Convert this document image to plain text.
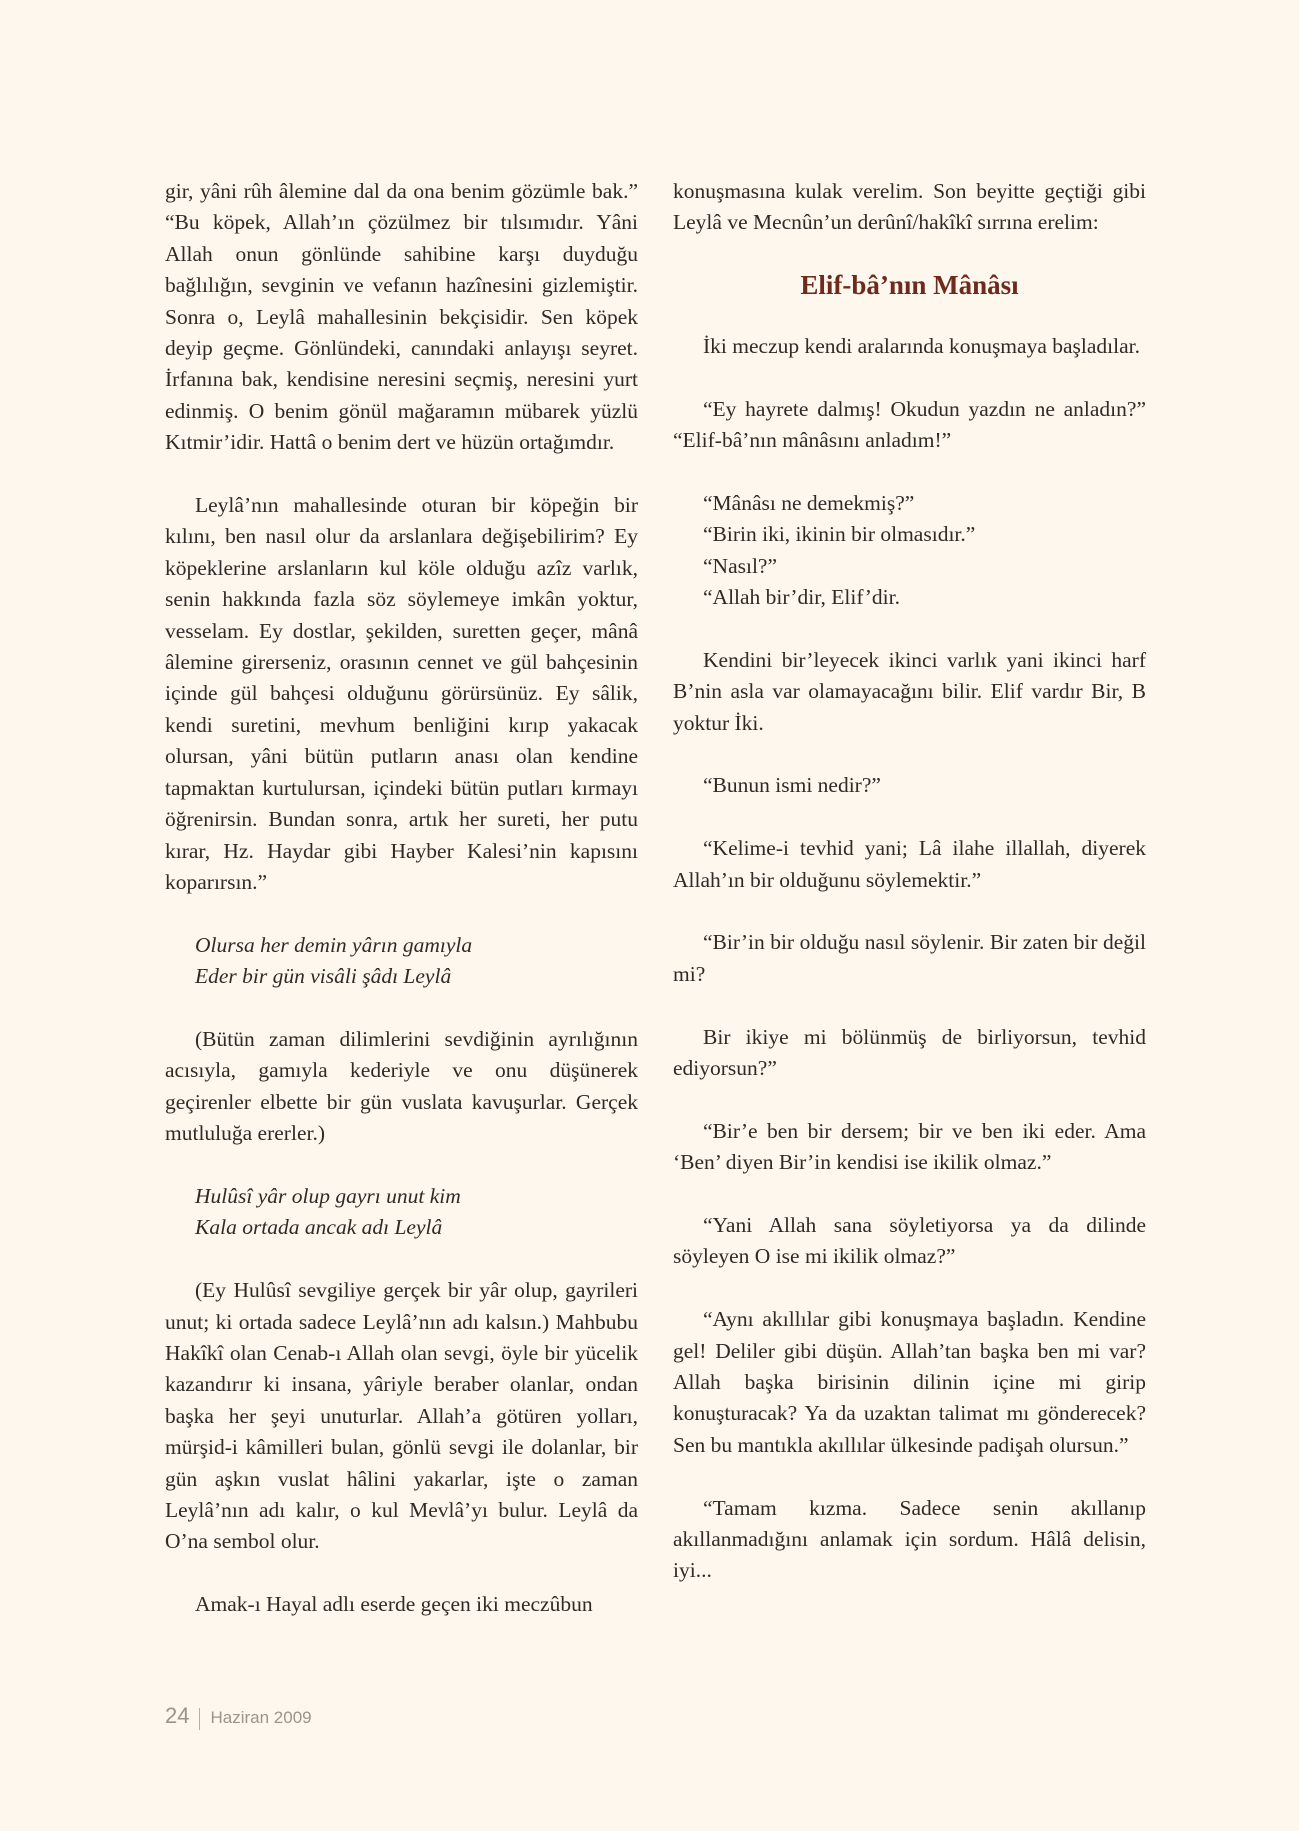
gir, yâni rûh âlemine dal da ona benim gözümle bak.” “Bu köpek, Allah’ın çözülmez bir tılsımıdır. Yâni Allah onun gönlünde sahibine karşı duyduğu bağlılığın, sevginin ve vefanın hazînesini gizlemiştir. Sonra o, Leylâ mahallesinin bekçisidir. Sen köpek deyip geçme. Gönlündeki, canındaki anlayışı seyret. İrfanına bak, kendisine neresini seçmiş, neresini yurt edinmiş. O benim gönül mağaramın mübarek yüzlü Kıtmir’idir. Hattâ o benim dert ve hüzün ortağımdır.

Leylâ’nın mahallesinde oturan bir köpeğin bir kılını, ben nasıl olur da arslanlara değişebilirim? Ey köpeklerine arslanların kul köle olduğu azîz varlık, senin hakkında fazla söz söylemeye imkân yoktur, vesselam. Ey dostlar, şekilden, suretten geçer, mânâ âlemine girerseniz, orasının cennet ve gül bahçesinin içinde gül bahçesi olduğunu görürsünüz. Ey sâlik, kendi suretini, mevhum benliğini kırıp yakacak olursan, yâni bütün putların anası olan kendine tapmaktan kurtulursan, içindeki bütün putları kırmayı öğrenirsin. Bundan sonra, artık her sureti, her putu kırar, Hz. Haydar gibi Hayber Kalesi’nin kapısını koparırsın.”

Olursa her demin yârın gamıyla

Eder bir gün visâli şâdı Leylâ

(Bütün zaman dilimlerini sevdiğinin ayrılığının acısıyla, gamıyla kederiyle ve onu düşünerek geçirenler elbette bir gün vuslata kavuşurlar. Gerçek mutluluğa ererler.)

Hulûsî yâr olup gayrı unut kim

Kala ortada ancak adı Leylâ

(Ey Hulûsî sevgiliye gerçek bir yâr olup, gayrileri unut; ki ortada sadece Leylâ’nın adı kalsın.) Mahbubu Hakîkî olan Cenab-ı Allah olan sevgi, öyle bir yücelik kazandırır ki insana, yâriyle beraber olanlar, ondan başka her şeyi unuturlar. Allah’a götüren yolları, mürşid-i kâmilleri bulan, gönlü sevgi ile dolanlar, bir gün aşkın vuslat hâlini yakarlar, işte o zaman Leylâ’nın adı kalır, o kul Mevlâ’yı bulur. Leylâ da O’na sembol olur.

Amak-ı Hayal adlı eserde geçen iki meczûbun

konuşmasına kulak verelim. Son beyitte geçtiği gibi Leylâ ve Mecnûn’un derûnî/hakîkî sırrına erelim:

Elif-bâ’nın Mânâsı

İki meczup kendi aralarında konuşmaya başladılar.

“Ey hayrete dalmış! Okudun yazdın ne anladın?” “Elif-bâ’nın mânâsını anladım!”

“Mânâsı ne demekmiş?”

“Birin iki, ikinin bir olmasıdır.”

“Nasıl?”

“Allah bir’dir, Elif’dir.

Kendini bir’leyecek ikinci varlık yani ikinci harf B’nin asla var olamayacağını bilir. Elif vardır Bir, B yoktur İki.

“Bunun ismi nedir?”

“Kelime-i tevhid yani; Lâ ilahe illallah, diyerek Allah’ın bir olduğunu söylemektir.”

“Bir’in bir olduğu nasıl söylenir. Bir zaten bir değil mi?

Bir ikiye mi bölünmüş de birliyorsun, tevhid ediyorsun?”

“Bir’e ben bir dersem; bir ve ben iki eder. Ama ‘Ben’ diyen Bir’in kendisi ise ikilik olmaz.”

“Yani Allah sana söyletiyorsa ya da dilinde söyleyen O ise mi ikilik olmaz?”

“Aynı akıllılar gibi konuşmaya başladın. Kendine gel! Deliler gibi düşün. Allah’tan başka ben mi var? Allah başka birisinin dilinin içine mi girip konuşturacak? Ya da uzaktan talimat mı gönderecek? Sen bu mantıkla akıllılar ülkesinde padişah olursun.”

“Tamam kızma. Sadece senin akıllanıp akıllanmadığını anlamak için sordum. Hâlâ delisin, iyi...

24 Haziran 2009
